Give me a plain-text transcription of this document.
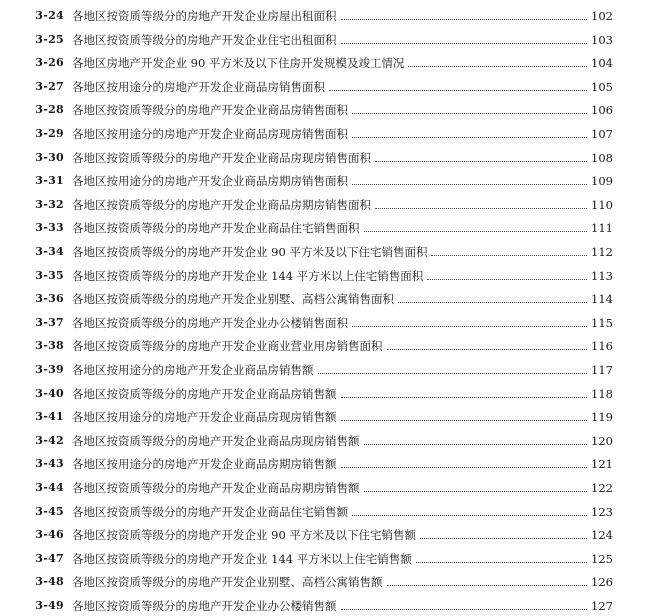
3-24 各地区按资质等级分的房地产开发企业房屋出租面积	102
3-25 各地区按资质等级分的房地产开发企业住宅出租面积	103
3-26 各地区房地产开发企业 90 平方米及以下住房开发规模及竣工情况	104
3-27 各地区按用途分的房地产开发企业商品房销售面积	105
3-28 各地区按资质等级分的房地产开发企业商品房销售面积	106
3-29 各地区按用途分的房地产开发企业商品房现房销售面积	107
3-30 各地区按资质等级分的房地产开发企业商品房现房销售面积	108
3-31 各地区按用途分的房地产开发企业商品房期房销售面积	109
3-32 各地区按资质等级分的房地产开发企业商品房期房销售面积	110
3-33 各地区按资质等级分的房地产开发企业商品住宅销售面积	111
3-34 各地区按资质等级分的房地产开发企业 90 平方米及以下住宅销售面积	112
3-35 各地区按资质等级分的房地产开发企业 144 平方米以上住宅销售面积	113
3-36 各地区按资质等级分的房地产开发企业别墅、高档公寓销售面积	114
3-37 各地区按资质等级分的房地产开发企业办公楼销售面积	115
3-38 各地区按资质等级分的房地产开发企业商业营业用房销售面积	116
3-39 各地区按用途分的房地产开发企业商品房销售额	117
3-40 各地区按资质等级分的房地产开发企业商品房销售额	118
3-41 各地区按用途分的房地产开发企业商品房现房销售额	119
3-42 各地区按资质等级分的房地产开发企业商品房现房销售额	120
3-43 各地区按用途分的房地产开发企业商品房期房销售额	121
3-44 各地区按资质等级分的房地产开发企业商品房期房销售额	122
3-45 各地区按资质等级分的房地产开发企业商品住宅销售额	123
3-46 各地区按资质等级分的房地产开发企业 90 平方米及以下住宅销售额	124
3-47 各地区按资质等级分的房地产开发企业 144 平方米以上住宅销售额	125
3-48 各地区按资质等级分的房地产开发企业别墅、高档公寓销售额	126
3-49 各地区按资质等级分的房地产开发企业办公楼销售额	127
